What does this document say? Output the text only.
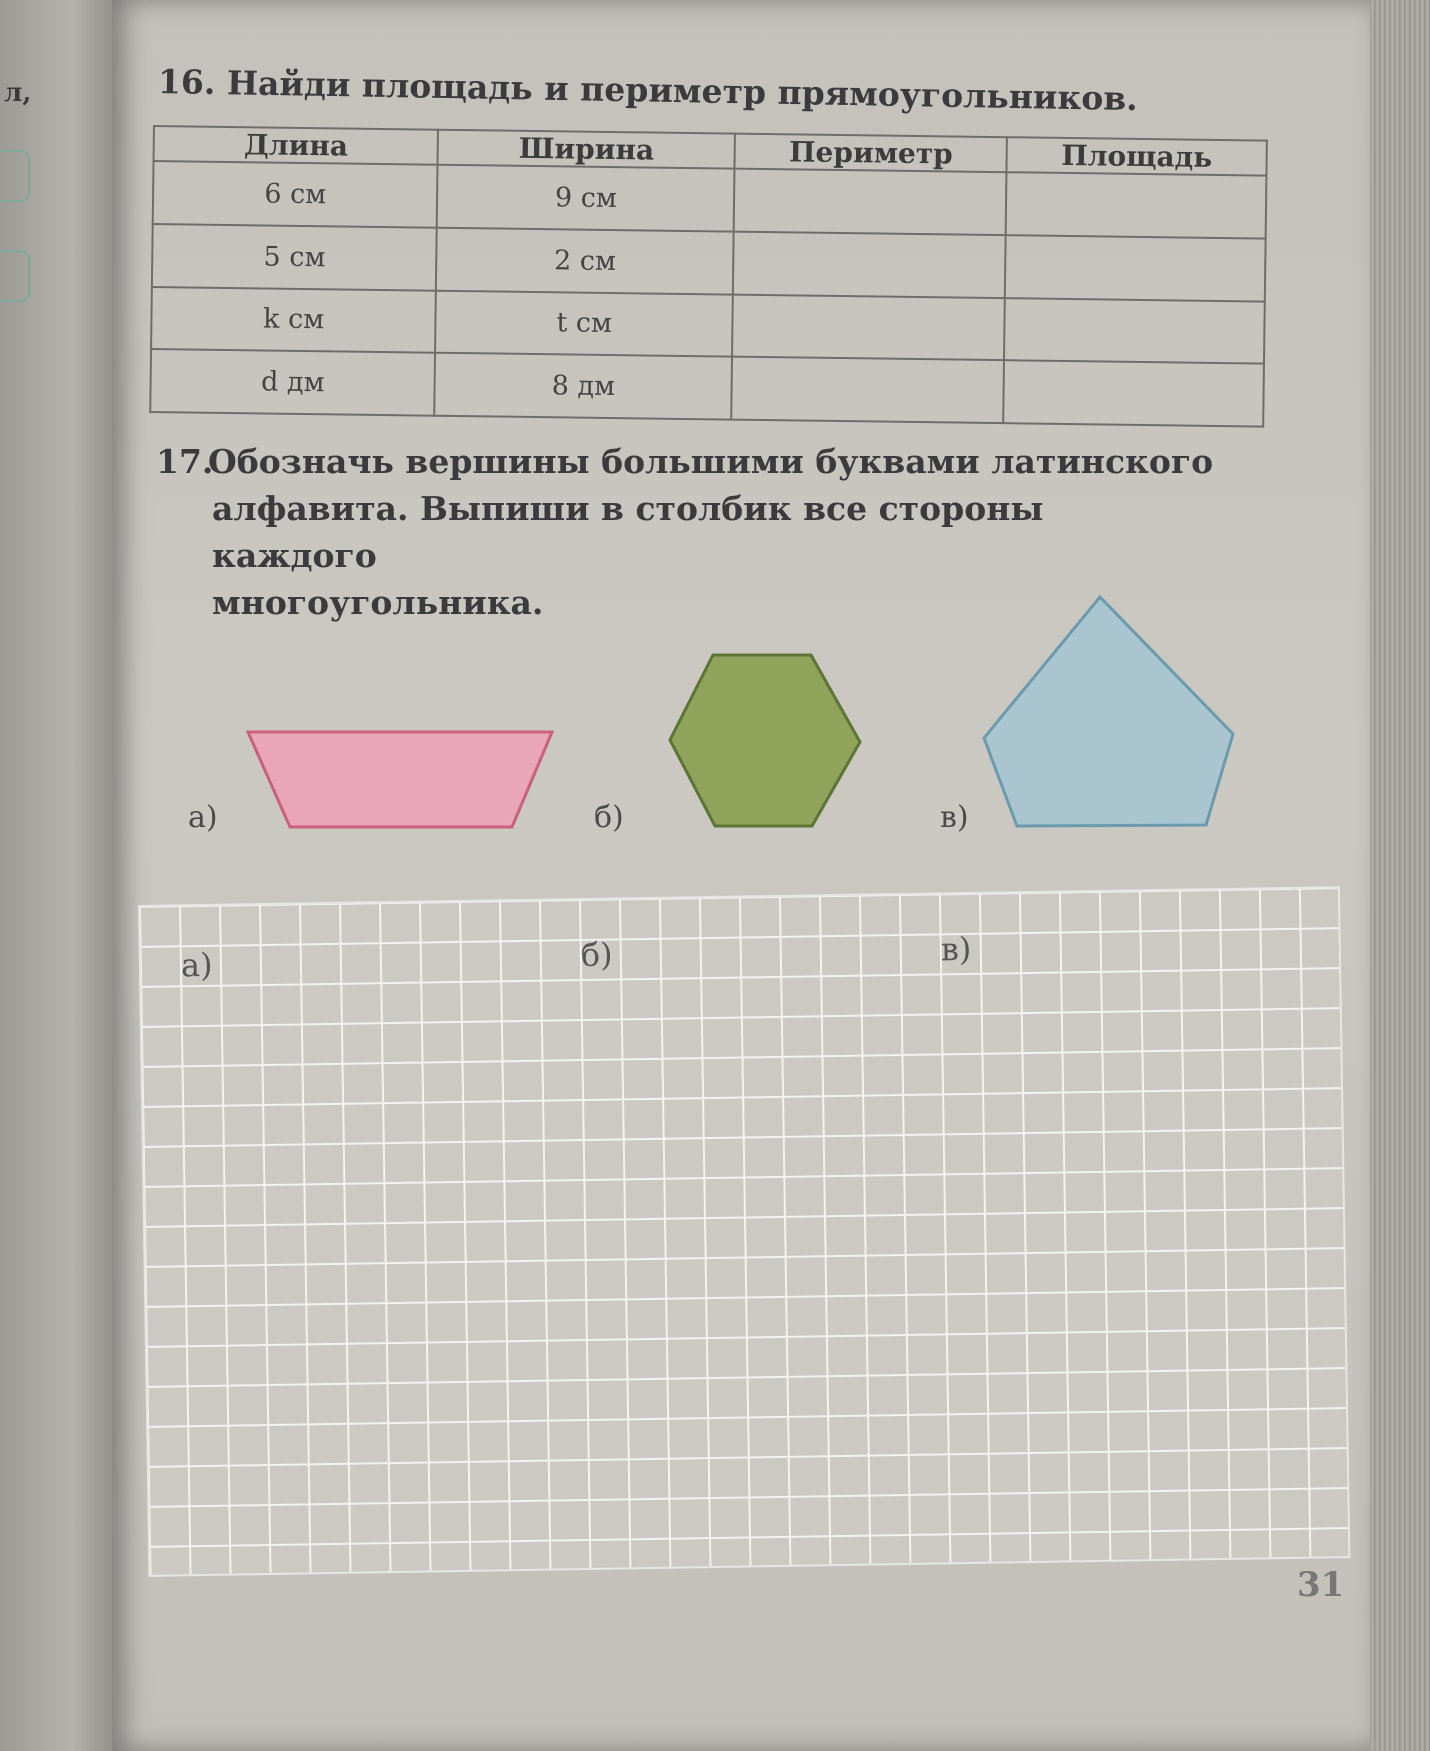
л,	16. Найди площадь и периметр прямоугольников.
Длина	Ширина	Периметр	Площадь
6 см	9 см		
5 см	2 см		
k см	t см		
d дм	8 дм		
17.Обозначь вершины большими буквами латинского
алфавита. Выпиши в столбик все стороны каждого
многоугольника.
а)	б)	в)
а)	б)	в)
31
